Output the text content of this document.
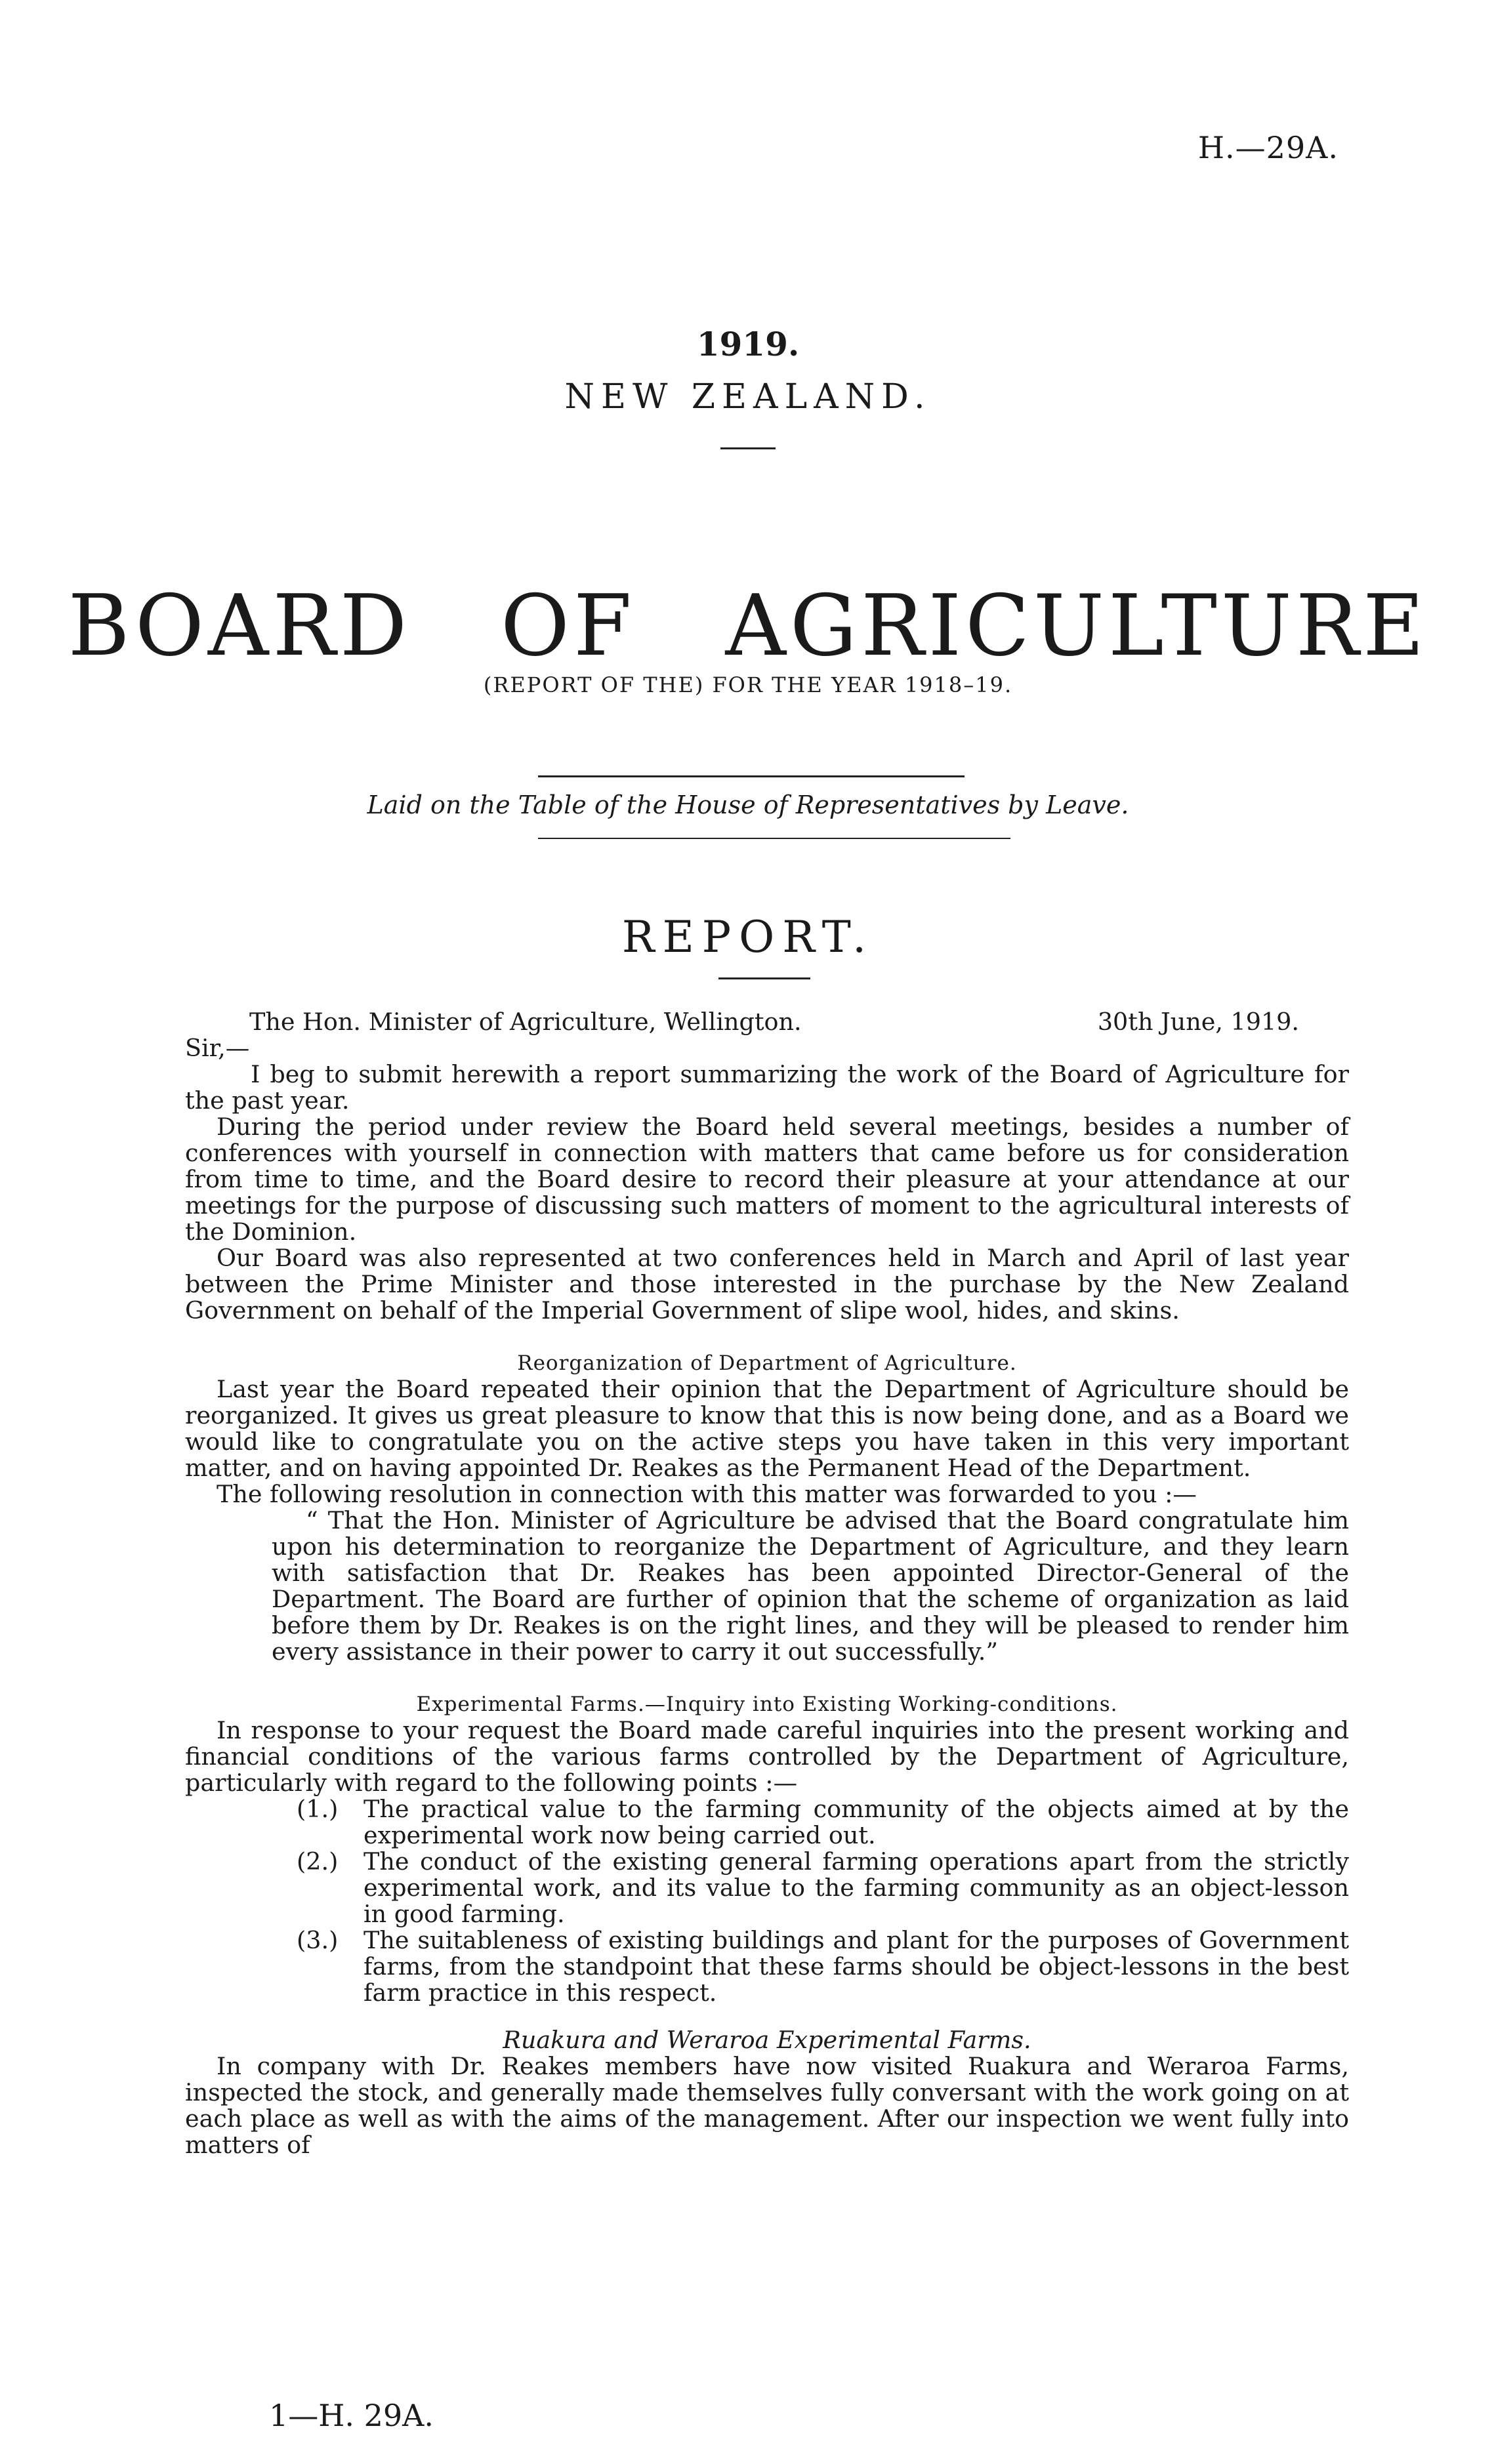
H.—29A.
1919.
NEW ZEALAND.
BOARD OF AGRICULTURE
(REPORT OF THE) FOR THE YEAR 1918–19.
Laid on the Table of the House of Representatives by Leave.
REPORT.
The Hon. Minister of Agriculture, Wellington.	30th June, 1919.

Sir,—

I beg to submit herewith a report summarizing the work of the Board of Agriculture for the past year.

During the period under review the Board held several meetings, besides a number of conferences with yourself in connection with matters that came before us for consideration from time to time, and the Board desire to record their pleasure at your attendance at our meetings for the purpose of discussing such matters of moment to the agricultural interests of the Dominion.

Our Board was also represented at two conferences held in March and April of last year between the Prime Minister and those interested in the purchase by the New Zealand Government on behalf of the Imperial Government of slipe wool, hides, and skins.

Reorganization of Department of Agriculture.

Last year the Board repeated their opinion that the Department of Agriculture should be reorganized. It gives us great pleasure to know that this is now being done, and as a Board we would like to congratulate you on the active steps you have taken in this very important matter, and on having appointed Dr. Reakes as the Permanent Head of the Department.

The following resolution in connection with this matter was forwarded to you :—

“ That the Hon. Minister of Agriculture be advised that the Board congratulate him upon his determination to reorganize the Department of Agriculture, and they learn with satisfaction that Dr. Reakes has been appointed Director-General of the Department. The Board are further of opinion that the scheme of organization as laid before them by Dr. Reakes is on the right lines, and they will be pleased to render him every assistance in their power to carry it out successfully.”

Experimental Farms.—Inquiry into Existing Working-conditions.

In response to your request the Board made careful inquiries into the present working and financial conditions of the various farms controlled by the Department of Agriculture, particularly with regard to the following points :—

(1.)	The practical value to the farming community of the objects aimed at by the experimental work now being carried out.
(2.)	The conduct of the existing general farming operations apart from the strictly experimental work, and its value to the farming community as an object-lesson in good farming.
(3.)	The suitableness of existing buildings and plant for the purposes of Government farms, from the standpoint that these farms should be object-lessons in the best farm practice in this respect.

Ruakura and Weraroa Experimental Farms.

In company with Dr. Reakes members have now visited Ruakura and Weraroa Farms, inspected the stock, and generally made themselves fully conversant with the work going on at each place as well as with the aims of the management. After our inspection we went fully into matters of

1—H. 29A.
